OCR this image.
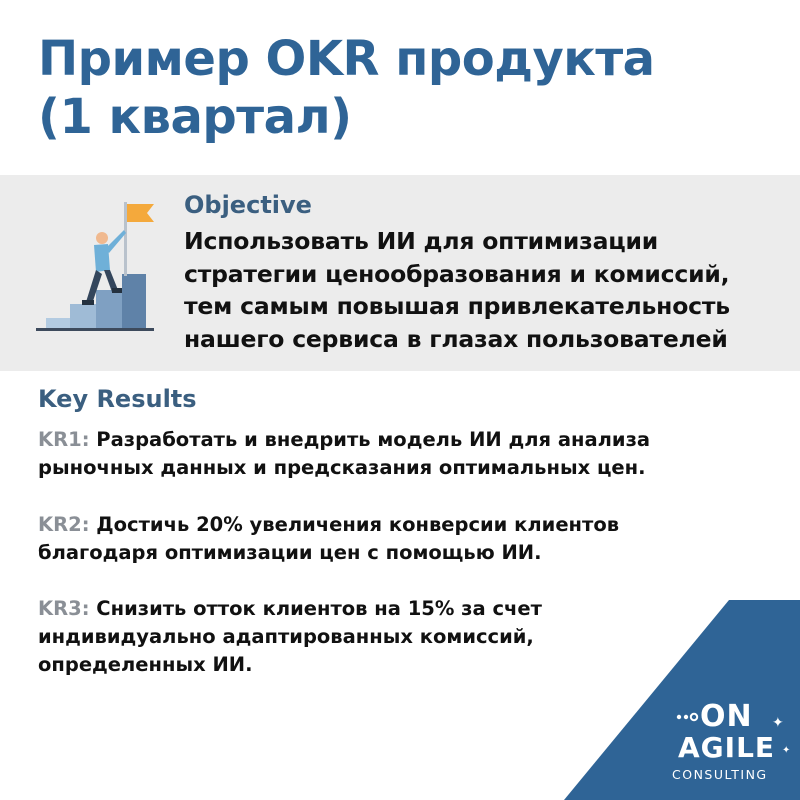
Пример OKR продукта
(1 квартал)
Objective
Использовать ИИ для оптимизации стратегии ценообразования и комиссий, тем самым повышая привлекательность нашего сервиса в глазах пользователей
Key Results
KR1: Разработать и внедрить модель ИИ для анализа рыночных данных и предсказания оптимальных цен.
KR2: Достичь 20% увеличения конверсии клиентов благодаря оптимизации цен с помощью ИИ.
KR3: Снизить отток клиентов на 15% за счет индивидуально адаптированных комиссий, определенных ИИ.
ON
AGILE
CONSULTING
✦
✦
